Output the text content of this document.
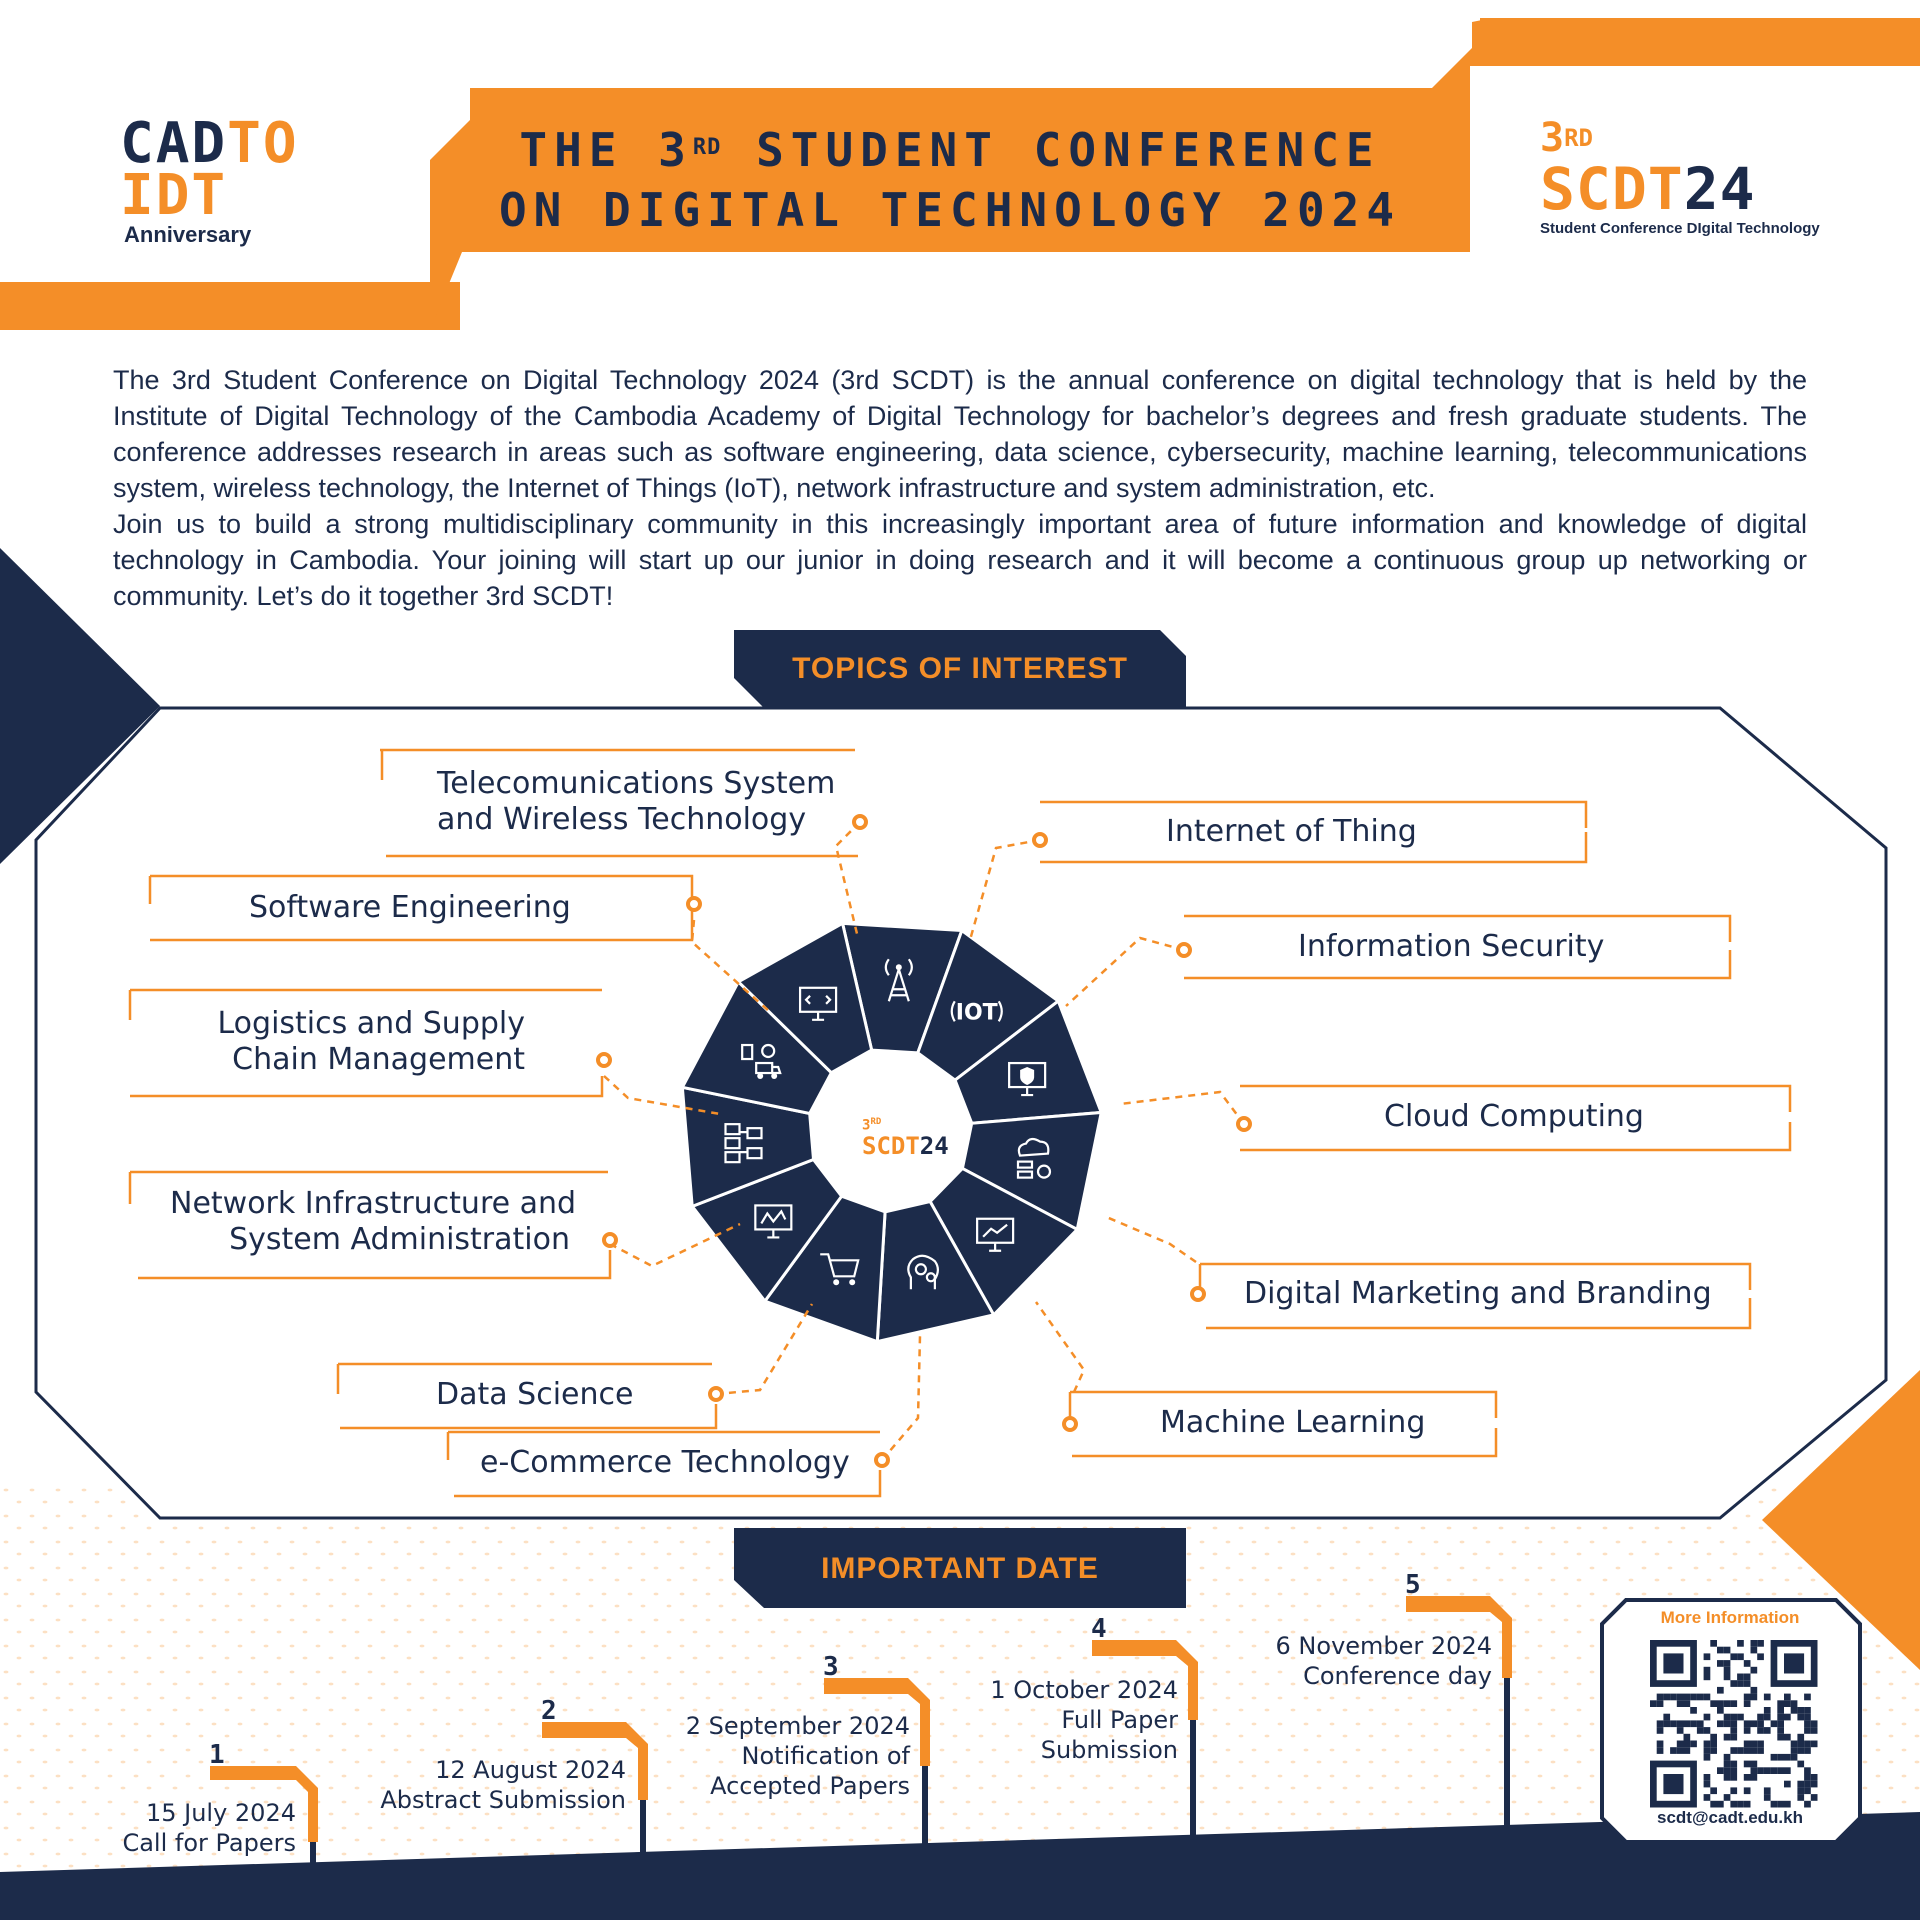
IOT
CADTO
IDT
Anniversary
THE 3RD STUDENT CONFERENCE
ON DIGITAL TECHNOLOGY 2024
3RD
SCDT24
Student Conference DIgital Technology

The 3rd Student Conference on Digital Technology 2024 (3rd SCDT) is the annual conference on digital technology that is held by the Institute of Digital Technology of the Cambodia Academy of Digital Technology for bachelor’s degrees and fresh graduate students. The conference addresses research in areas such as software engineering, data science, cybersecurity, machine learning, telecommunications system, wireless technology, the Internet of Things (IoT), network infrastructure and system administration, etc.

Join us to build a strong multidisciplinary community in this increasingly important area of future information and knowledge of digital technology in Cambodia. Your joining will start up our junior in doing research and it will become a continuous group up networking or community. Let’s do it together 3rd SCDT!

TOPICS OF INTEREST
IMPORTANT DATE
Telecomunications System
and Wireless Technology	Internet of Thing
Software Engineering
Information Security
Logistics and Supply
Chain Management
Cloud Computing
Network Infrastructure and
System Administration
Digital Marketing and Branding
Data Science
Machine Learning
e-Commerce Technology
3RD
SCDT24
1
15 July 2024
Call for Papers
2
12 August 2024
Abstract Submission
3
2 September 2024
Notification of
Accepted Papers
4
1 October 2024
Full Paper
Submission
5
6 November 2024
Conference day
More Information
scdt@cadt.edu.kh
